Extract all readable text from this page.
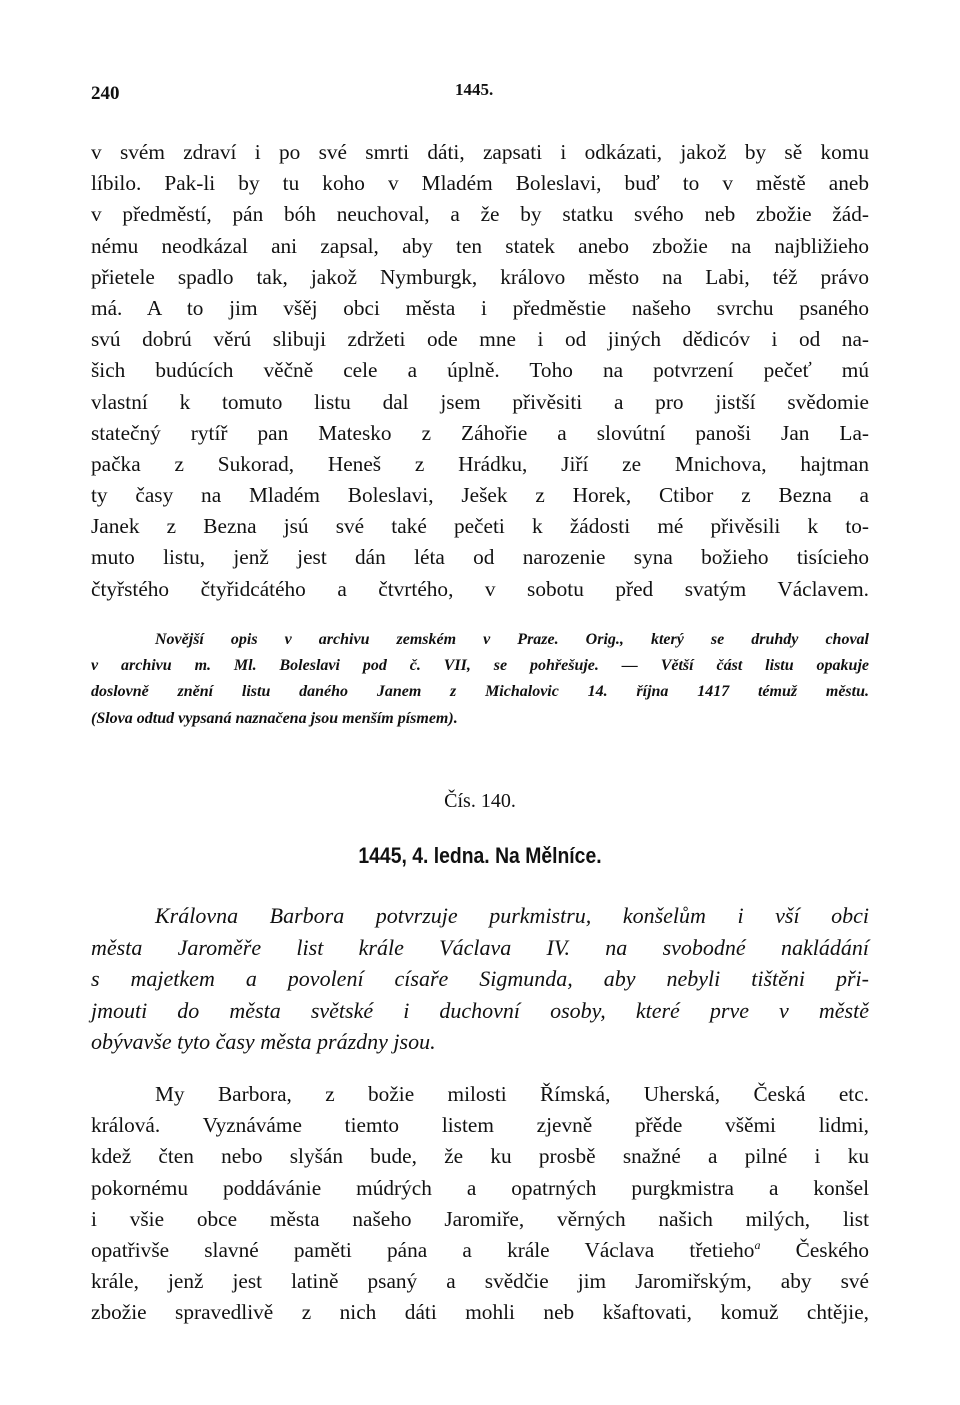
240	1445.
v svém zdraví i po své smrti dáti, zapsati i odkázati, jakož by sě komu
líbilo. Pak-li by tu koho v Mladém Boleslavi, buď to v městě aneb
v předměstí, pán bóh neuchoval, a že by statku svého neb zbožie žád-
nému neodkázal ani zapsal, aby ten statek anebo zbožie na najbližieho
přietele spadlo tak, jakož Nymburgk, královo město na Labi, též právo
má. A to jim všěj obci města i předměstie našeho svrchu psaného
svú dobrú věrú slibuji zdržeti ode mne i od jiných dědicóv i od na-
šich budúcích věčně cele a úplně. Toho na potvrzení pečeť mú
vlastní k tomuto listu dal jsem přivěsiti a pro jistší svědomie
statečný rytíř pan Matesko z Záhořie a slovútní panoši Jan La-
pačka z Sukorad, Heneš z Hrádku, Jiří ze Mnichova, hajtman
ty časy na Mladém Boleslavi, Ješek z Horek, Ctibor z Bezna a
Janek z Bezna jsú své také pečeti k žádosti mé přivěsili k to-
muto listu, jenž jest dán léta od narozenie syna božieho tisícieho
čtyřstého čtyřidcátého a čtvrtého, v sobotu před svatým Václavem.
Novější opis v archivu zemském v Praze. Orig., který se druhdy choval
v archivu m. Ml. Boleslavi pod č. VII, se pohřešuje. — Větší část listu opakuje
doslovně znění listu daného Janem z Michalovic 14. října 1417 témuž městu.
(Slova odtud vypsaná naznačena jsou menším písmem).
Čís. 140.
1445, 4. ledna. Na Mělníce.
Královna Barbora potvrzuje purkmistru, konšelům i vší obci
města Jaroměře list krále Václava IV. na svobodné nakládání
s majetkem a povolení císaře Sigmunda, aby nebyli tištěni při-
jmouti do města světské i duchovní osoby, které prve v městě
obývavše tyto časy města prázdny jsou.
My Barbora, z božie milosti Římská, Uherská, Česká etc.
králová. Vyznáváme tiemto listem zjevně přěde všěmi lidmi,
kdež čten nebo slyšán bude, že ku prosbě snažné a pilné i ku
pokornému poddávánie múdrých a opatrných purgkmistra a konšel
i všie obce města našeho Jaromiře, věrných našich milých, list
opatřivše slavné paměti pána a krále Václava třetieho$^a$ Českého
krále, jenž jest latině psaný a svědčie jim Jaromiřským, aby své
zbožie spravedlivě z nich dáti mohli neb kšaftovati, komuž chtějie,
